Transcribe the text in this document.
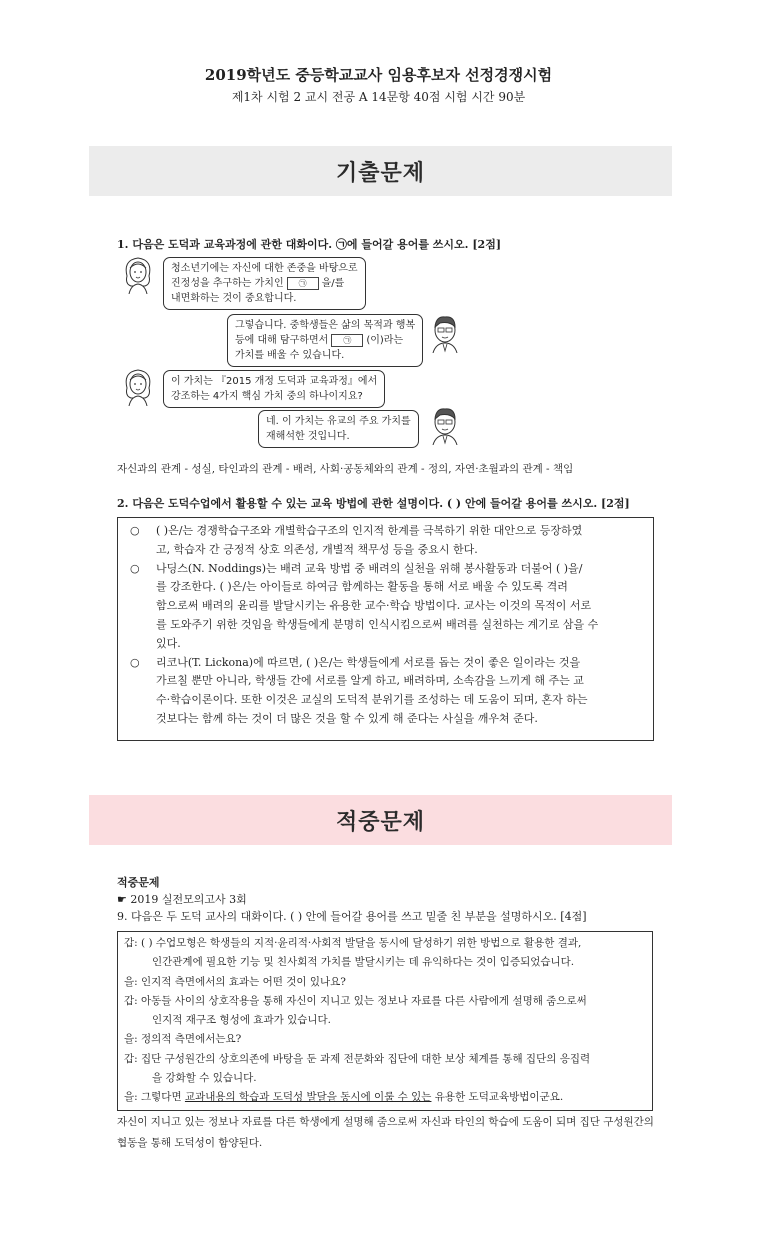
2019학년도 중등학교교사 임용후보자 선정경쟁시험
제1차 시험 2 교시 전공 A 14문항 40점 시험 시간 90분
기출문제
1. 다음은 도덕과 교육과정에 관한 대화이다. ㉠에 들어갈 용어를 쓰시오. [2점]
청소년기에는 자신에 대한 존중을 바탕으로
진정성을 추구하는 가치인 ㉠ 을/를
내면화하는 것이 중요합니다.
그렇습니다. 중학생들은 삶의 목적과 행복
등에 대해 탐구하면서 ㉠ (이)라는
가치를 배울 수 있습니다.
이 가치는 『2015 개정 도덕과 교육과정』에서
강조하는 4가지 핵심 가치 중의 하나이지요?
네. 이 가치는 유교의 주요 가치를
재해석한 것입니다.
자신과의 관계 - 성실, 타인과의 관계 - 배려, 사회·공동체와의 관계 - 정의, 자연·초월과의 관계 - 책임
2. 다음은 도덕수업에서 활용할 수 있는 교육 방법에 관한 설명이다. ( ) 안에 들어갈 용어를 쓰시오. [2점]
○ ( )은/는 경쟁학습구조와 개별학습구조의 인지적 한계를 극복하기 위한 대안으로 등장하였
고, 학습자 간 긍정적 상호 의존성, 개별적 책무성 등을 중요시 한다.
○ 나딩스(N. Noddings)는 배려 교육 방법 중 배려의 실천을 위해 봉사활동과 더불어 ( )을/
를 강조한다. ( )은/는 아이들로 하여금 함께하는 활동을 통해 서로 배울 수 있도록 격려
함으로써 배려의 윤리를 발달시키는 유용한 교수·학습 방법이다. 교사는 이것의 목적이 서로
를 도와주기 위한 것임을 학생들에게 분명히 인식시킴으로써 배려를 실천하는 계기로 삼을 수
있다.
○ 리코나(T. Lickona)에 따르면, ( )은/는 학생들에게 서로를 돕는 것이 좋은 일이라는 것을
가르칠 뿐만 아니라, 학생들 간에 서로를 알게 하고, 배려하며, 소속감을 느끼게 해 주는 교
수·학습이론이다. 또한 이것은 교실의 도덕적 분위기를 조성하는 데 도움이 되며, 혼자 하는
것보다는 함께 하는 것이 더 많은 것을 할 수 있게 해 준다는 사실을 깨우쳐 준다.
적중문제
적중문제
☛ 2019 실전모의고사 3회
9. 다음은 두 도덕 교사의 대화이다. ( ) 안에 들어갈 용어를 쓰고 밑줄 친 부분을 설명하시오. [4점]
갑: ( ) 수업모형은 학생들의 지적·윤리적·사회적 발달을 동시에 달성하기 위한 방법으로 활용한 결과,
인간관계에 필요한 기능 및 친사회적 가치를 발달시키는 데 유익하다는 것이 입증되었습니다.
을: 인지적 측면에서의 효과는 어떤 것이 있나요?
갑: 아동들 사이의 상호작용을 통해 자신이 지니고 있는 정보나 자료를 다른 사람에게 설명해 줌으로써
인지적 재구조 형성에 효과가 있습니다.
을: 정의적 측면에서는요?
갑: 집단 구성원간의 상호의존에 바탕을 둔 과제 전문화와 집단에 대한 보상 체계를 통해 집단의 응집력
을 강화할 수 있습니다.
을: 그렇다면 교과내용의 학습과 도덕성 발달을 동시에 이룰 수 있는 유용한 도덕교육방법이군요.
자신이 지니고 있는 정보나 자료를 다른 학생에게 설명해 줌으로써 자신과 타인의 학습에 도움이 되며 집단 구성원간의 협동을 통해 도덕성이 함양된다.
